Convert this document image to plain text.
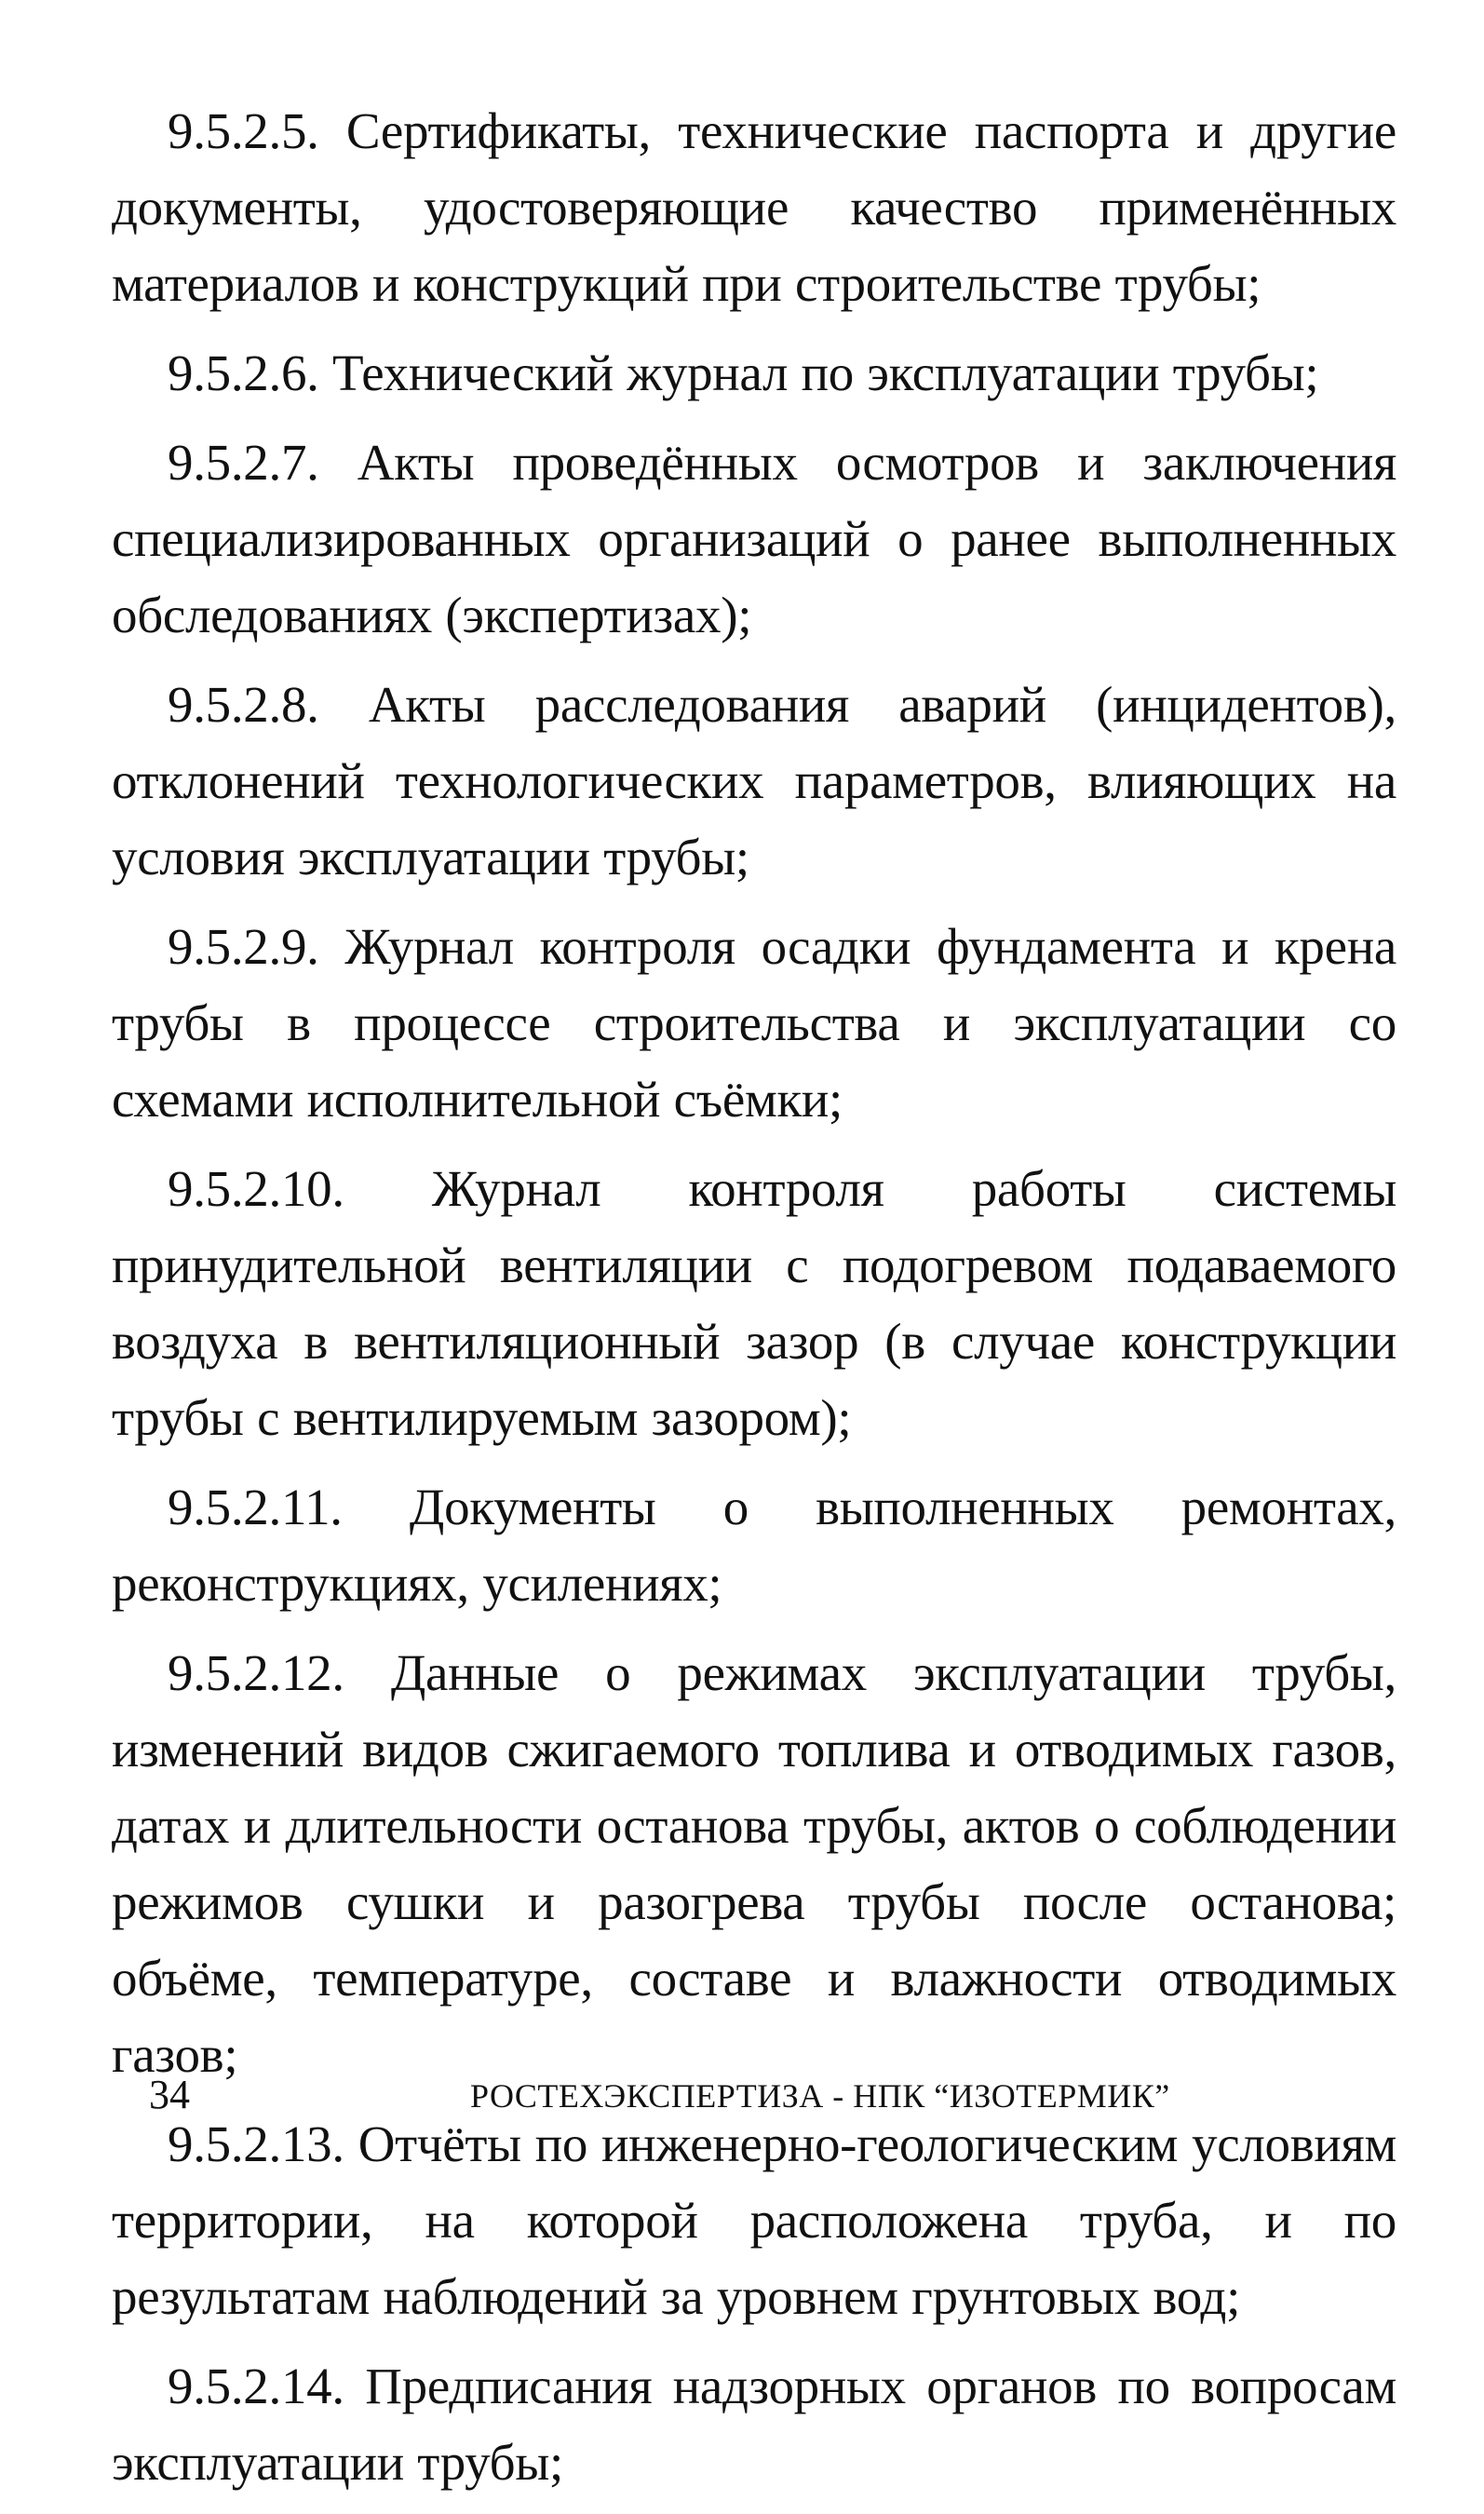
9.5.2.5. Сертификаты, технические паспорта и другие документы, удостоверяющие качество применённых материалов и конструкций при строительстве трубы;

9.5.2.6. Технический журнал по эксплуатации трубы;

9.5.2.7. Акты проведённых осмотров и заключения специализированных организаций о ранее выполненных обследованиях (экспертизах);

9.5.2.8. Акты расследования аварий (инцидентов), отклонений технологических параметров, влияющих на условия эксплуатации трубы;

9.5.2.9. Журнал контроля осадки фундамента и крена трубы в процессе строительства и эксплуатации со схемами исполнительной съёмки;

9.5.2.10. Журнал контроля работы системы принудительной вентиляции с подогревом подаваемого воздуха в вентиляционный зазор (в случае конструкции трубы с вентилируемым зазором);

9.5.2.11. Документы о выполненных ремонтах, реконструкциях, усилениях;

9.5.2.12. Данные о режимах эксплуатации трубы, изменений видов сжигаемого топлива и отводимых газов, датах и длительности останова трубы, актов о соблюдении режимов сушки и разогрева трубы после останова; объёме, температуре, составе и влажности отводимых газов;

9.5.2.13. Отчёты по инженерно-геологическим условиям территории, на которой расположена труба, и по результатам наблюдений за уровнем грунтовых вод;

9.5.2.14. Предписания надзорных органов по вопросам эксплуатации трубы;

34	РОСТЕХЭКСПЕРТИЗА - НПК “ИЗОТЕРМИК”
